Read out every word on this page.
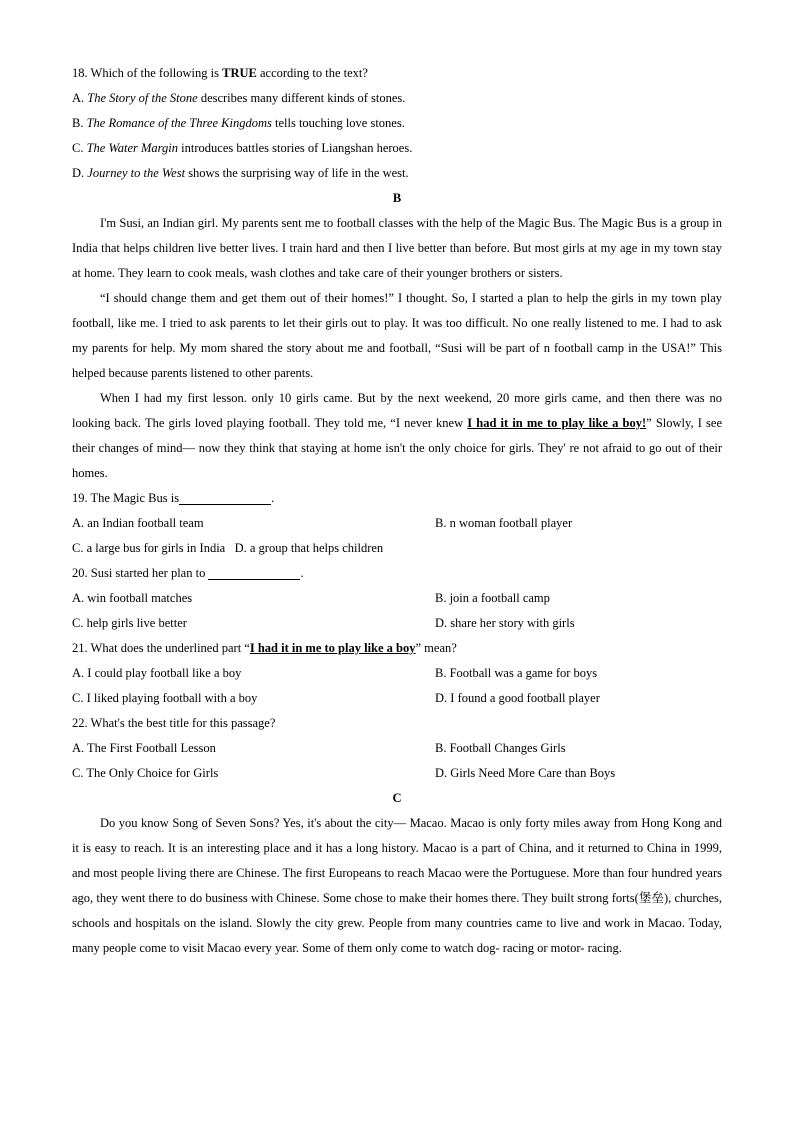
18. Which of the following is TRUE according to the text?
A. The Story of the Stone describes many different kinds of stones.
B. The Romance of the Three Kingdoms tells touching love stones.
C. The Water Margin introduces battles stories of Liangshan heroes.
D. Journey to the West shows the surprising way of life in the west.
B
I'm Susi, an Indian girl. My parents sent me to football classes with the help of the Magic Bus. The Magic Bus is a group in India that helps children live better lives. I train hard and then I live better than before. But most girls at my age in my town stay at home. They learn to cook meals, wash clothes and take care of their younger brothers or sisters.
“I should change them and get them out of their homes!” I thought. So, I started a plan to help the girls in my town play football, like me. I tried to ask parents to let their girls out to play. It was too difficult. No one really listened to me. I had to ask my parents for help. My mom shared the story about me and football, “Susi will be part of n football camp in the USA!” This helped because parents listened to other parents.
When I had my first lesson. only 10 girls came. But by the next weekend, 20 more girls came, and then there was no looking back. The girls loved playing football. They told me, “I never knew I had it in me to play like a boy!” Slowly, I see their changes of mind— now they think that staying at home isn't the only choice for girls. They' re not afraid to go out of their homes.
19. The Magic Bus is	.
A. an Indian football team	B. n woman football player
C. a large bus for girls in India D. a group that helps children
20. Susi started her plan to	.
A. win football matches	B. join a football camp
C. help girls live better	D. share her story with girls
21. What does the underlined part “I had it in me to play like a boy” mean?
A. I could play football like a boy	B. Football was a game for boys
C. I liked playing football with a boy	D. I found a good football player
22. What's the best title for this passage?
A. The First Football Lesson	B. Football Changes Girls
C. The Only Choice for Girls	D. Girls Need More Care than Boys
C
Do you know Song of Seven Sons? Yes, it's about the city— Macao. Macao is only forty miles away from Hong Kong and it is easy to reach. It is an interesting place and it has a long history. Macao is a part of China, and it returned to China in 1999, and most people living there are Chinese. The first Europeans to reach Macao were the Portuguese. More than four hundred years ago, they went there to do business with Chinese. Some chose to make their homes there. They built strong forts(堡垒), churches, schools and hospitals on the island. Slowly the city grew. People from many countries came to live and work in Macao. Today, many people come to visit Macao every year. Some of them only come to watch dog- racing or motor- racing.
